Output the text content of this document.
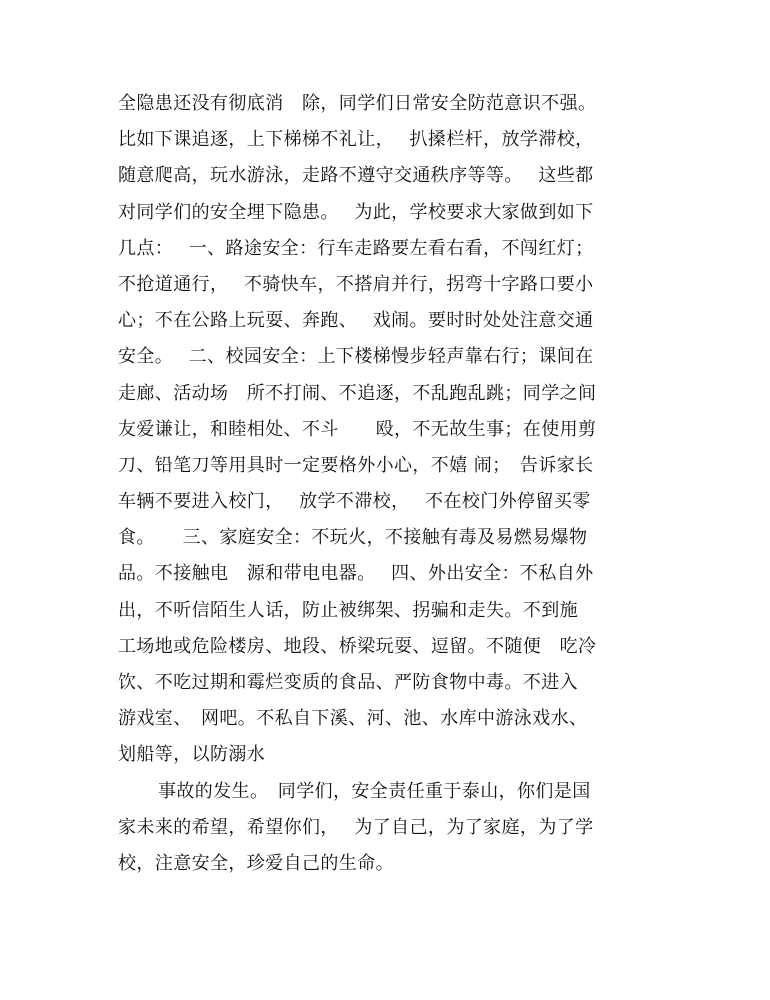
全隐患还没有彻底消　除，同学们日常安全防范意识不强。
比如下课追逐，上下梯梯不礼让，　 扒搡栏杆，放学滞校，
随意爬高，玩水游泳，走路不遵守交通秩序等等。　 这些都
对同学们的安全埋下隐患。　 为此，学校要求大家做到如下
几点：　 一、路途安全：行车走路要左看右看，不闯红灯；
不抢道通行，　 不骑快车，不搭肩并行，拐弯十字路口要小
心；不在公路上玩耍、奔跑、　 戏闹。要时时处处注意交通
安全。　 二、校园安全：上下楼梯慢步轻声靠右行；课间在
走廊、活动场　所不打闹、不追逐，不乱跑乱跳；同学之间
友爱谦让，和睦相处、不斗　　殴，不无故生事；在使用剪
刀、铅笔刀等用具时一定要格外小心，不嬉 闹；　告诉家长
车辆不要进入校门，　 放学不滞校，　 不在校门外停留买零
食。　　三、家庭安全：不玩火，不接触有毒及易燃易爆物
品。不接触电　源和带电电器。　 四、外出安全：不私自外
出，不听信陌生人话，防止被绑架、拐骗和走失。不到施
工场地或危险楼房、地段、桥梁玩耍、逗留。不随便　吃冷
饮、不吃过期和霉烂变质的食品、严防食物中毒。不进入
游戏室、　网吧。不私自下溪、河、池、水库中游泳戏水、
划船等，以防溺水
事故的发生。　同学们，安全责任重于泰山，你们是国
家未来的希望，希望你们，　 为了自己，为了家庭，为了学
校，注意安全，珍爱自己的生命。
